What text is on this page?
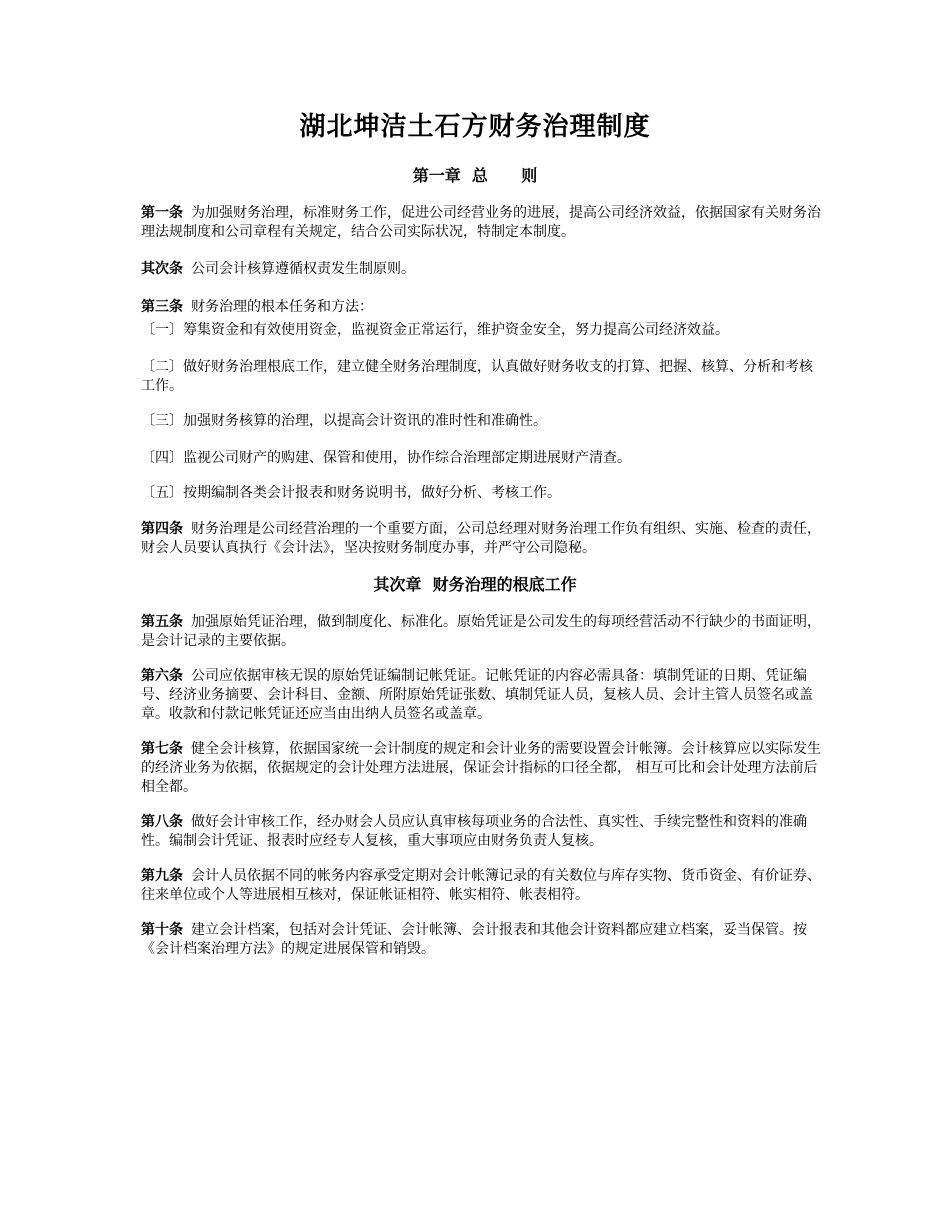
湖北坤洁土石方财务治理制度
第一章  总      则

第一条 为加强财务治理，标准财务工作，促进公司经营业务的进展，提高公司经济效益，依据国家有关财务治理法规制度和公司章程有关规定，结合公司实际状况，特制定本制度。

其次条 公司会计核算遵循权责发生制原则。

第三条 财务治理的根本任务和方法：

〔一〕筹集资金和有效使用资金，监视资金正常运行，维护资金安全，努力提高公司经济效益。

〔二〕做好财务治理根底工作，建立健全财务治理制度，认真做好财务收支的打算、把握、核算、分析和考核工作。

〔三〕加强财务核算的治理，以提高会计资讯的准时性和准确性。

〔四〕监视公司财产的购建、保管和使用，协作综合治理部定期进展财产清查。

〔五〕按期编制各类会计报表和财务说明书，做好分析、考核工作。

第四条 财务治理是公司经营治理的一个重要方面，公司总经理对财务治理工作负有组织、实施、检查的责任，财会人员要认真执行《会计法》，坚决按财务制度办事，并严守公司隐秘。

其次章  财务治理的根底工作

第五条 加强原始凭证治理，做到制度化、标准化。原始凭证是公司发生的每项经营活动不行缺少的书面证明，是会计记录的主要依据。

第六条 公司应依据审核无误的原始凭证编制记帐凭证。记帐凭证的内容必需具备：填制凭证的日期、凭证编号、经济业务摘要、会计科目、金额、所附原始凭证张数、填制凭证人员，复核人员、会计主管人员签名或盖章。收款和付款记帐凭证还应当由出纳人员签名或盖章。

第七条 健全会计核算，依据国家统一会计制度的规定和会计业务的需要设置会计帐簿。会计核算应以实际发生的经济业务为依据，依据规定的会计处理方法进展，保证会计指标的口径全都， 相互可比和会计处理方法前后相全都。

第八条 做好会计审核工作，经办财会人员应认真审核每项业务的合法性、真实性、手续完整性和资料的准确性。编制会计凭证、报表时应经专人复核，重大事项应由财务负责人复核。

第九条 会计人员依据不同的帐务内容承受定期对会计帐簿记录的有关数位与库存实物、货币资金、有价证券、往来单位或个人等进展相互核对，保证帐证相符、帐实相符、帐表相符。

第十条 建立会计档案，包括对会计凭证、会计帐簿、会计报表和其他会计资料都应建立档案，妥当保管。按《会计档案治理方法》的规定进展保管和销毁。
